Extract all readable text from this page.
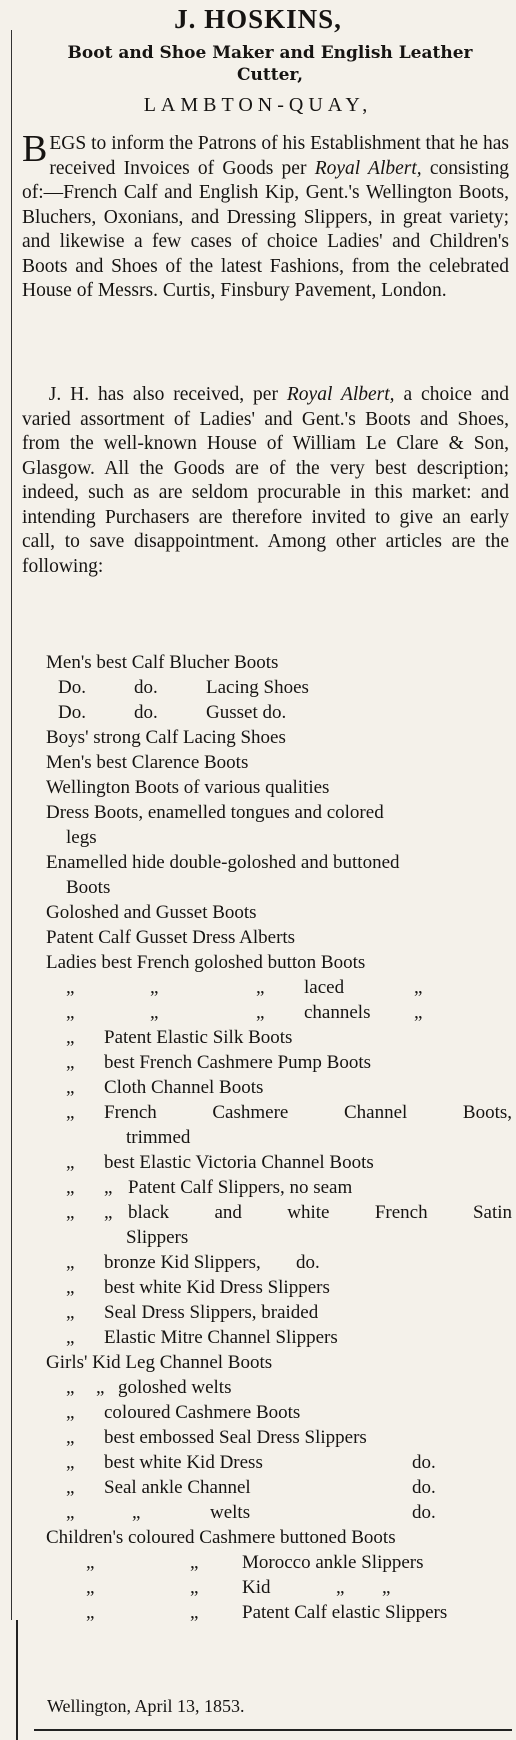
J. HOSKINS,
Boot and Shoe Maker and English Leather Cutter,
LAMBTON-QUAY,
BEGS to inform the Patrons of his Establishment that he has received Invoices of Goods per Royal Albert, consisting of:—French Calf and English Kip, Gent.'s Wellington Boots, Bluchers, Oxonians, and Dressing Slippers, in great variety; and likewise a few cases of choice Ladies' and Children's Boots and Shoes of the latest Fashions, from the celebrated House of Messrs. Curtis, Finsbury Pavement, London.
J. H. has also received, per Royal Albert, a choice and varied assortment of Ladies' and Gent.'s Boots and Shoes, from the well-known House of William Le Clare & Son, Glasgow. All the Goods are of the very best description; indeed, such as are seldom procurable in this market: and intending Purchasers are therefore invited to give an early call, to save disappointment. Among other articles are the following:
Men's best Calf Blucher Boots
Do.	do.	Lacing Shoes
Do.	do.	Gusset do.
Boys' strong Calf Lacing Shoes
Men's best Clarence Boots
Wellington Boots of various qualities
Dress Boots, enamelled tongues and colored
legs
Enamelled hide double-goloshed and buttoned
Boots
Goloshed and Gusset Boots
Patent Calf Gusset Dress Alberts
Ladies best French goloshed button Boots
„	„	„ laced	„
„	„	„ channels „
„ Patent Elastic Silk Boots
„ best French Cashmere Pump Boots
„ Cloth Channel Boots
„ French Cashmere Channel Boots,
trimmed
„ best Elastic Victoria Channel Boots
„ „ Patent Calf Slippers, no seam
„ „ black and white French Satin
Slippers
„ bronze Kid Slippers, do.
„ best white Kid Dress Slippers
„ Seal Dress Slippers, braided
„ Elastic Mitre Channel Slippers
Girls' Kid Leg Channel Boots
„ „ goloshed welts
„ coloured Cashmere Boots
„ best embossed Seal Dress Slippers
„ best white Kid Dress	do.
„ Seal ankle Channel	do.
„	„	welts	do.
Children's coloured Cashmere buttoned Boots
„	„ Morocco ankle Slippers
„	„ Kid	„ „
„	„ Patent Calf elastic Slippers
Wellington, April 13, 1853.
